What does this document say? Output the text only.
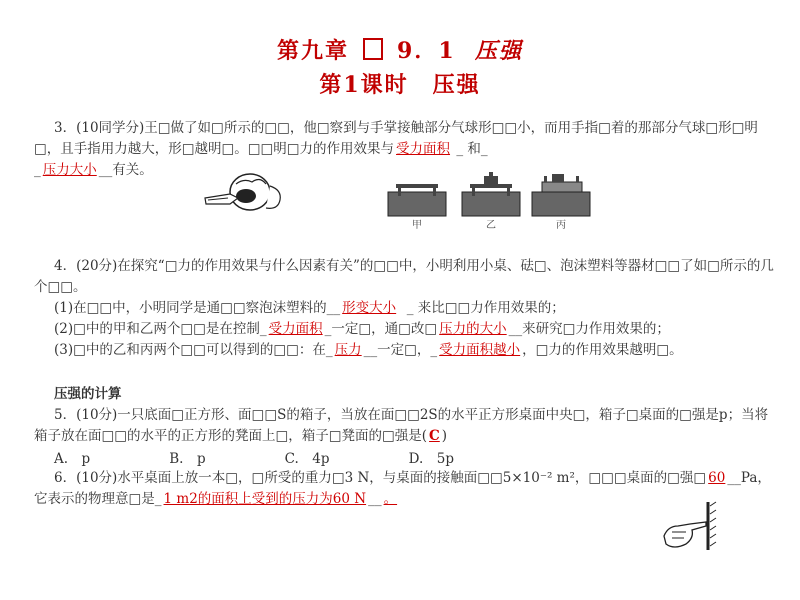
第九章 9．1 压强
第1课时　压强
3．(10同学分)王□做了如□所示的□□，他□察到与手掌接触部分气球形□□小，而用手指□着的那部分气球□形□明□，且手指用力越大，形□越明□。□□明□力的作用效果与 受力面积 _ 和_
_ 压力大小 __有关。
甲	乙	丙
4．(20分)在探究“□力的作用效果与什么因素有关”的□□中，小明利用小桌、砝□、泡沫塑料等器材□□了如□所示的几个□□。
(1)在□□中，小明同学是通□□察泡沫塑料的__ 形变大小  _ 来比□□力作用效果的；
(2)□中的甲和乙两个□□是在控制_ 受力面积 _一定□，通□改□ 压力的大小 __来研究□力作用效果的；
(3)□中的乙和丙两个□□可以得到的□□：在_ 压力 __一定□，_ 受力面积越小 ，□力的作用效果越明□。
压强的计算
5．(10分)一只底面□正方形、面□□S的箱子，当放在面□□2S的水平正方形桌面中央□，箱子□桌面的□强是p；当将箱子放在面□□的水平的正方形的凳面上□，箱子□凳面的□强是( C )
A.　p	B.　p	C.　4p	D.　5p
6．(10分)水平桌面上放一本□，□所受的重力□3 N，与桌面的接触面□□5×10⁻² m²，□□□桌面的□强□ 60 __Pa，它表示的物理意□是_ 1 m2的面积上受到的压力为60 N __ 。
